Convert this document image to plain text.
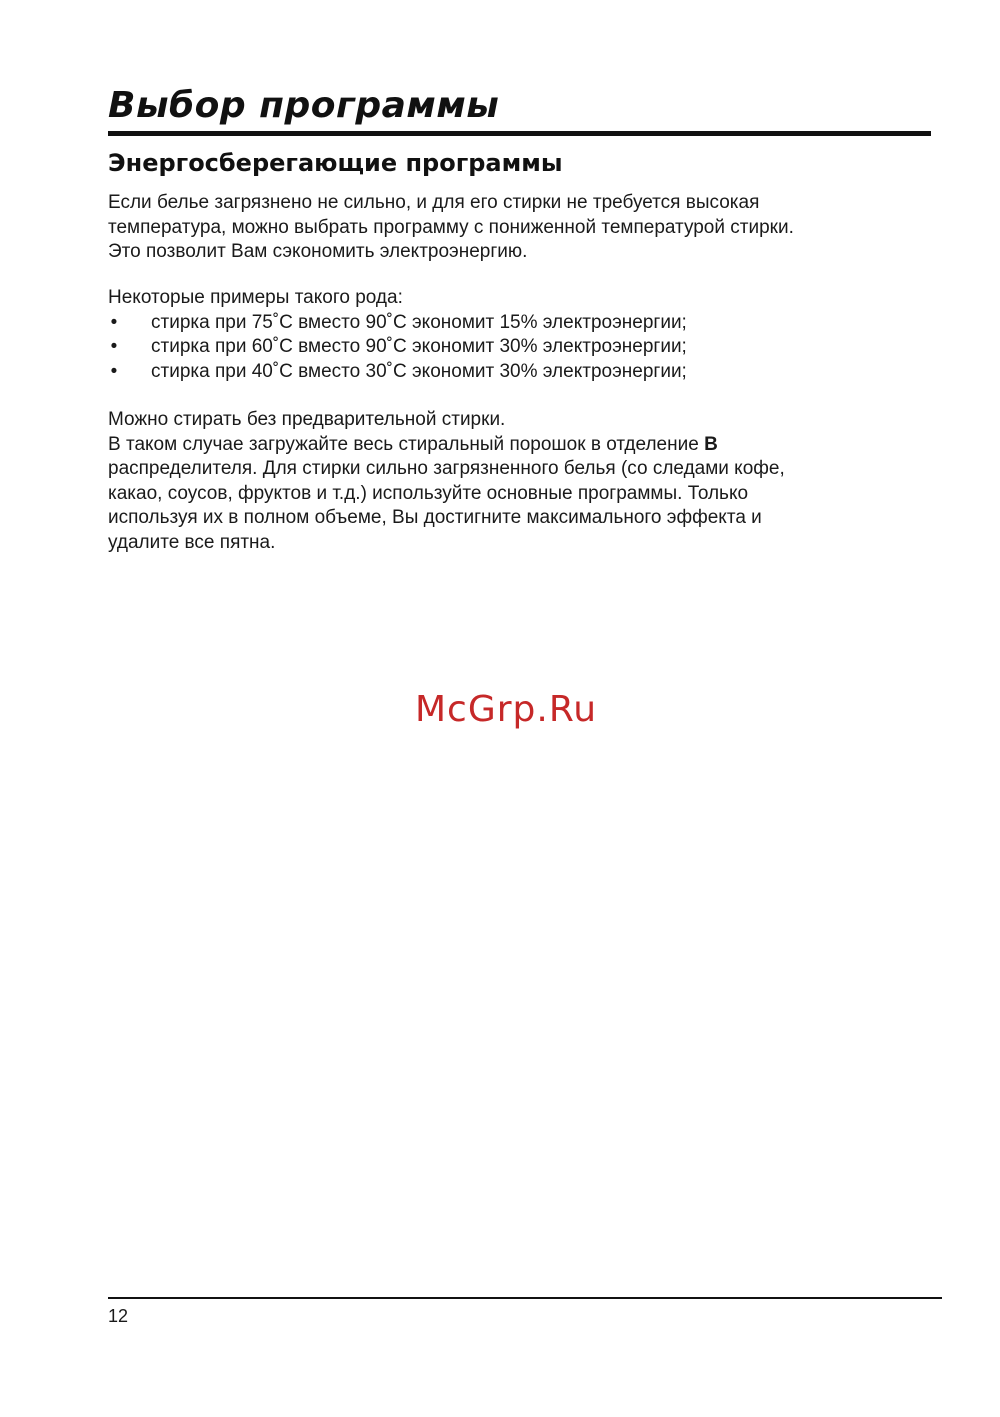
Выбор программы
Энергосберегающие программы

Если белье загрязнено не сильно, и для его стирки не требуется высокая

температура, можно выбрать программу с пониженной температурой стирки.

Это позволит Вам сэкономить электроэнергию.

Некоторые примеры такого рода:

• стирка при 75˚C вместо 90˚C экономит 15% электроэнергии;
• стирка при 60˚C вместо 90˚C экономит 30% электроэнергии;
• стирка при 40˚C вместо 30˚C экономит 30% электроэнергии;

Можно стирать без предварительной стирки.

В таком случае загружайте весь стиральный порошок в отделение B

распределителя. Для стирки сильно загрязненного белья (со следами кофе,

какао, соусов, фруктов и т.д.) используйте основные программы. Только

используя их в полном объеме, Вы достигните максимального эффекта и

удалите все пятна.

McGrp.Ru
12
